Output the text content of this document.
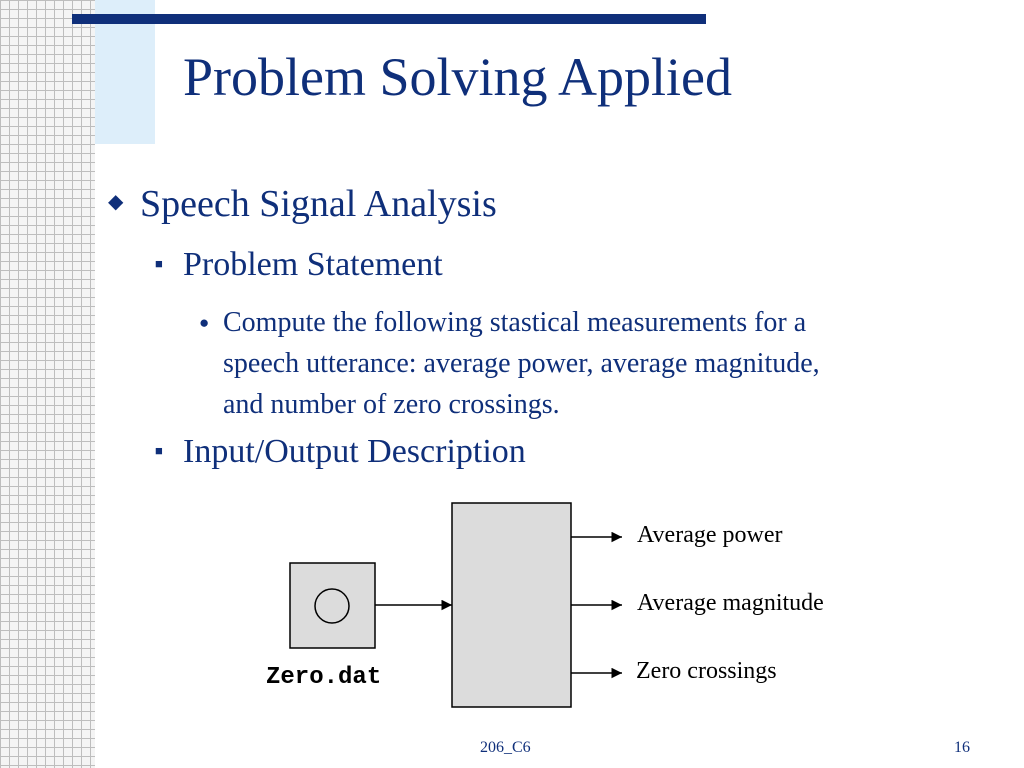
Problem Solving Applied
◆ Speech Signal Analysis
■ Problem Statement
● Compute the following stastical measurements for a
speech utterance: average power, average magnitude,
and number of zero crossings.
■ Input/Output Description
Average power
Average magnitude
Zero crossings
Zero.dat
206_C6	16
